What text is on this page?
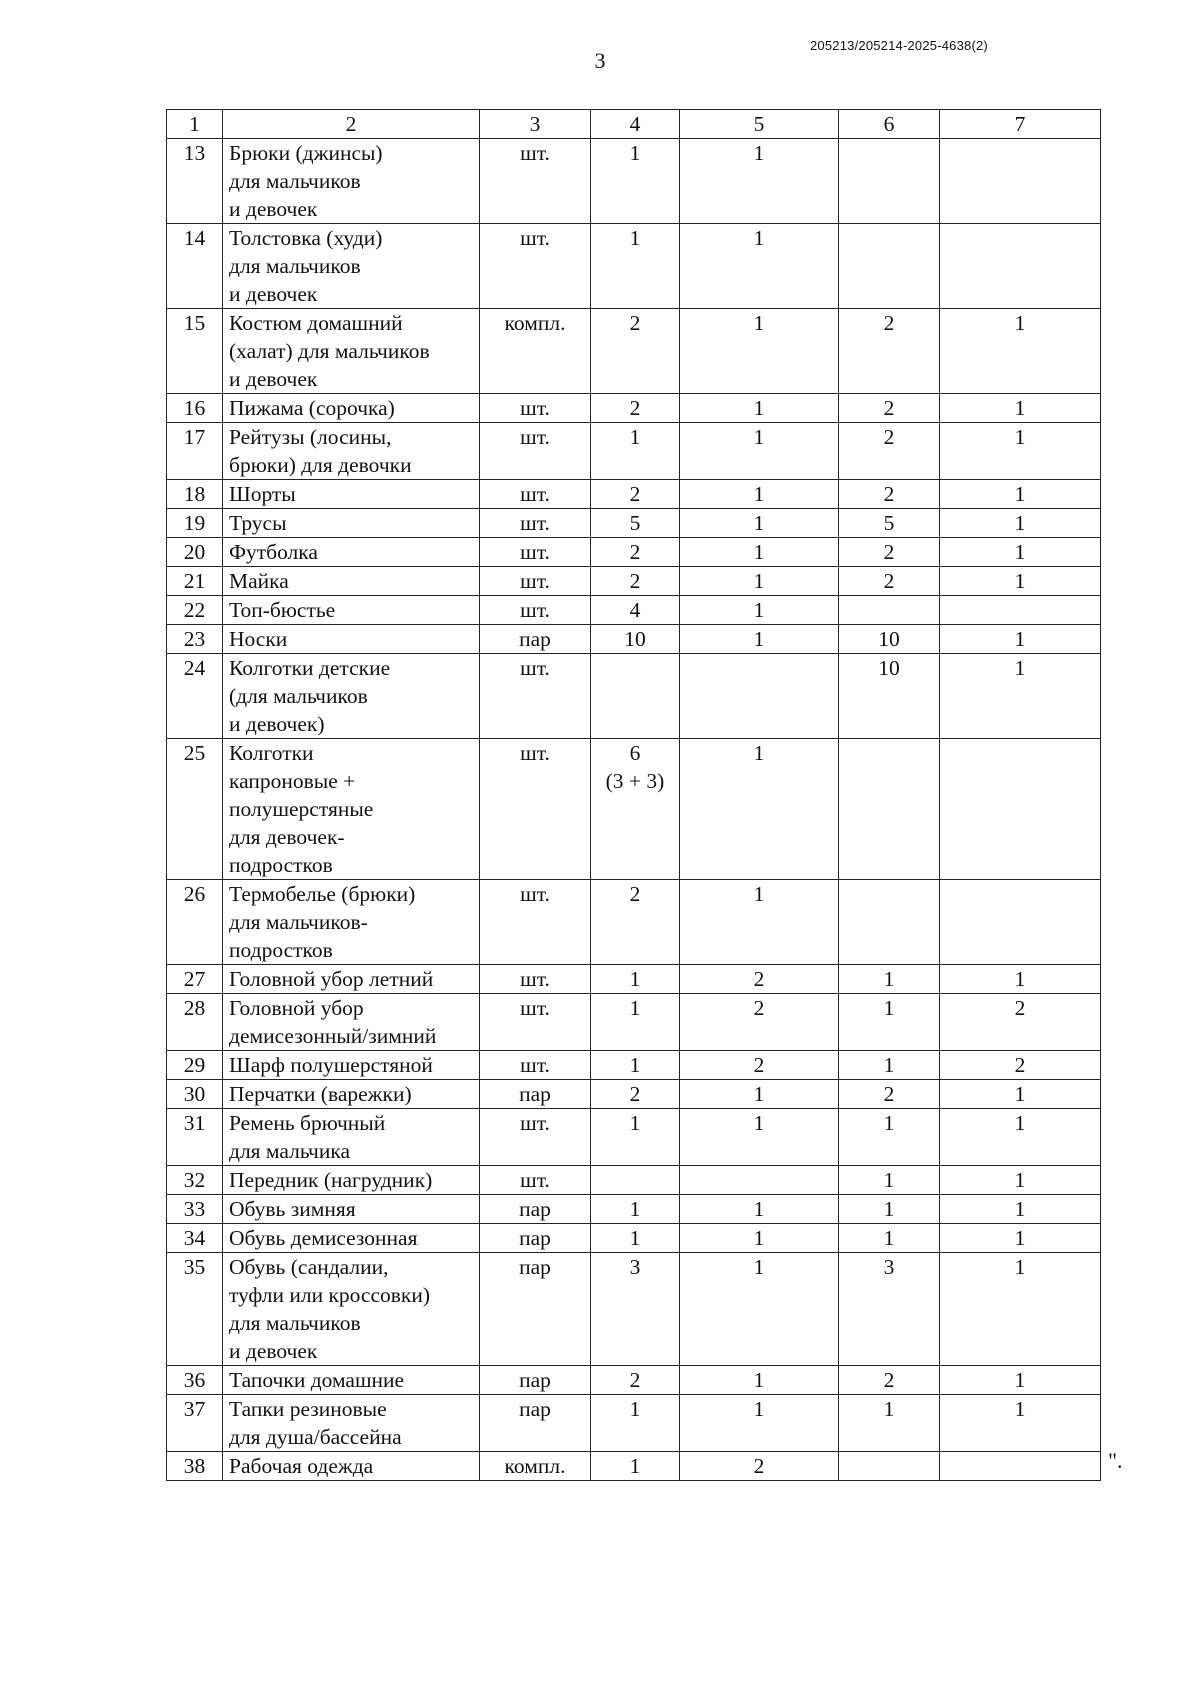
3
205213/205214-2025-4638(2)
1	2	3	4	5	6	7
13	Брюки (джинсы)
для мальчиков
и девочек	шт.	1	1		
14	Толстовка (худи)
для мальчиков
и девочек	шт.	1	1		
15	Костюм домашний
(халат) для мальчиков
и девочек	компл.	2	1	2	1
16	Пижама (сорочка)	шт.	2	1	2	1
17	Рейтузы (лосины,
брюки) для девочки	шт.	1	1	2	1
18	Шорты	шт.	2	1	2	1
19	Трусы	шт.	5	1	5	1
20	Футболка	шт.	2	1	2	1
21	Майка	шт.	2	1	2	1
22	Топ-бюстье	шт.	4	1		
23	Носки	пар	10	1	10	1
24	Колготки детские
(для мальчиков
и девочек)	шт.			10	1
25	Колготки
капроновые +
полушерстяные
для девочек-
подростков	шт.	6
(3 + 3)	1		
26	Термобелье (брюки)
для мальчиков-
подростков	шт.	2	1		
27	Головной убор летний	шт.	1	2	1	1
28	Головной убор
демисезонный/зимний	шт.	1	2	1	2
29	Шарф полушерстяной	шт.	1	2	1	2
30	Перчатки (варежки)	пар	2	1	2	1
31	Ремень брючный
для мальчика	шт.	1	1	1	1
32	Передник (нагрудник)	шт.			1	1
33	Обувь зимняя	пар	1	1	1	1
34	Обувь демисезонная	пар	1	1	1	1
35	Обувь (сандалии,
туфли или кроссовки)
для мальчиков
и девочек	пар	3	1	3	1
36	Тапочки домашние	пар	2	1	2	1
37	Тапки резиновые
для душа/бассейна	пар	1	1	1	1
38	Рабочая одежда	компл.	1	2			".
